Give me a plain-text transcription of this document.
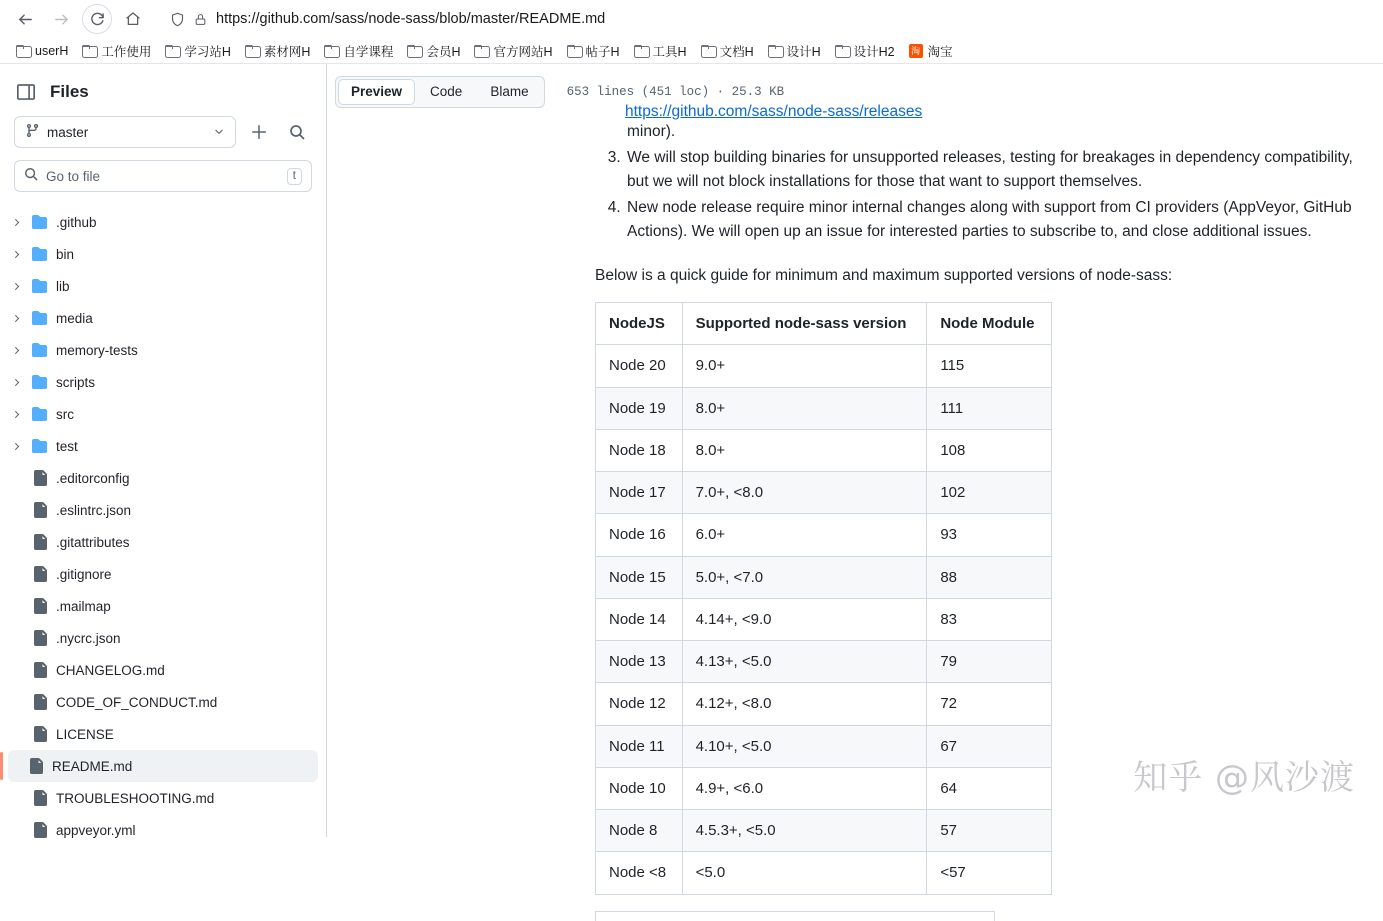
https://github.com/sass/node-sass/blob/master/README.md
userH	工作使用	学习站H	素材网H	自学课程	会员H	官方网站H	帖子H	工具H	文档H	设计H	设计H2 淘 淘宝
Files
master
Go to file	t
.github
bin
lib
media
memory-tests
scripts
src
test
.editorconfig
.eslintrc.json
.gitattributes
.gitignore
.mailmap
.nycrc.json
CHANGELOG.md
CODE_OF_CONDUCT.md
LICENSE
README.md
TROUBLESHOOTING.md
appveyor.yml
Preview	Code	Blame	653 lines (451 loc) · 25.3 KB
https://github.com/sass/node-sass/releases
minor).
3. We will stop building binaries for unsupported releases, testing for breakages in dependency compatibility, but we will not block installations for those that want to support themselves.
4. New node release require minor internal changes along with support from CI providers (AppVeyor, GitHub Actions). We will open up an issue for interested parties to subscribe to, and close additional issues.

Below is a quick guide for minimum and maximum supported versions of node-sass:

NodeJS	Supported node-sass version	Node Module
Node 20	9.0+	115
Node 19	8.0+	111
Node 18	8.0+	108
Node 17	7.0+, <8.0	102
Node 16	6.0+	93
Node 15	5.0+, <7.0	88
Node 14	4.14+, <9.0	83
Node 13	4.13+, <5.0	79
Node 12	4.12+, <8.0	72
Node 11	4.10+, <5.0	67
Node 10	4.9+, <6.0	64
Node 8	4.5.3+, <5.0	57
Node <8	<5.0	<57
知乎 @风沙渡
